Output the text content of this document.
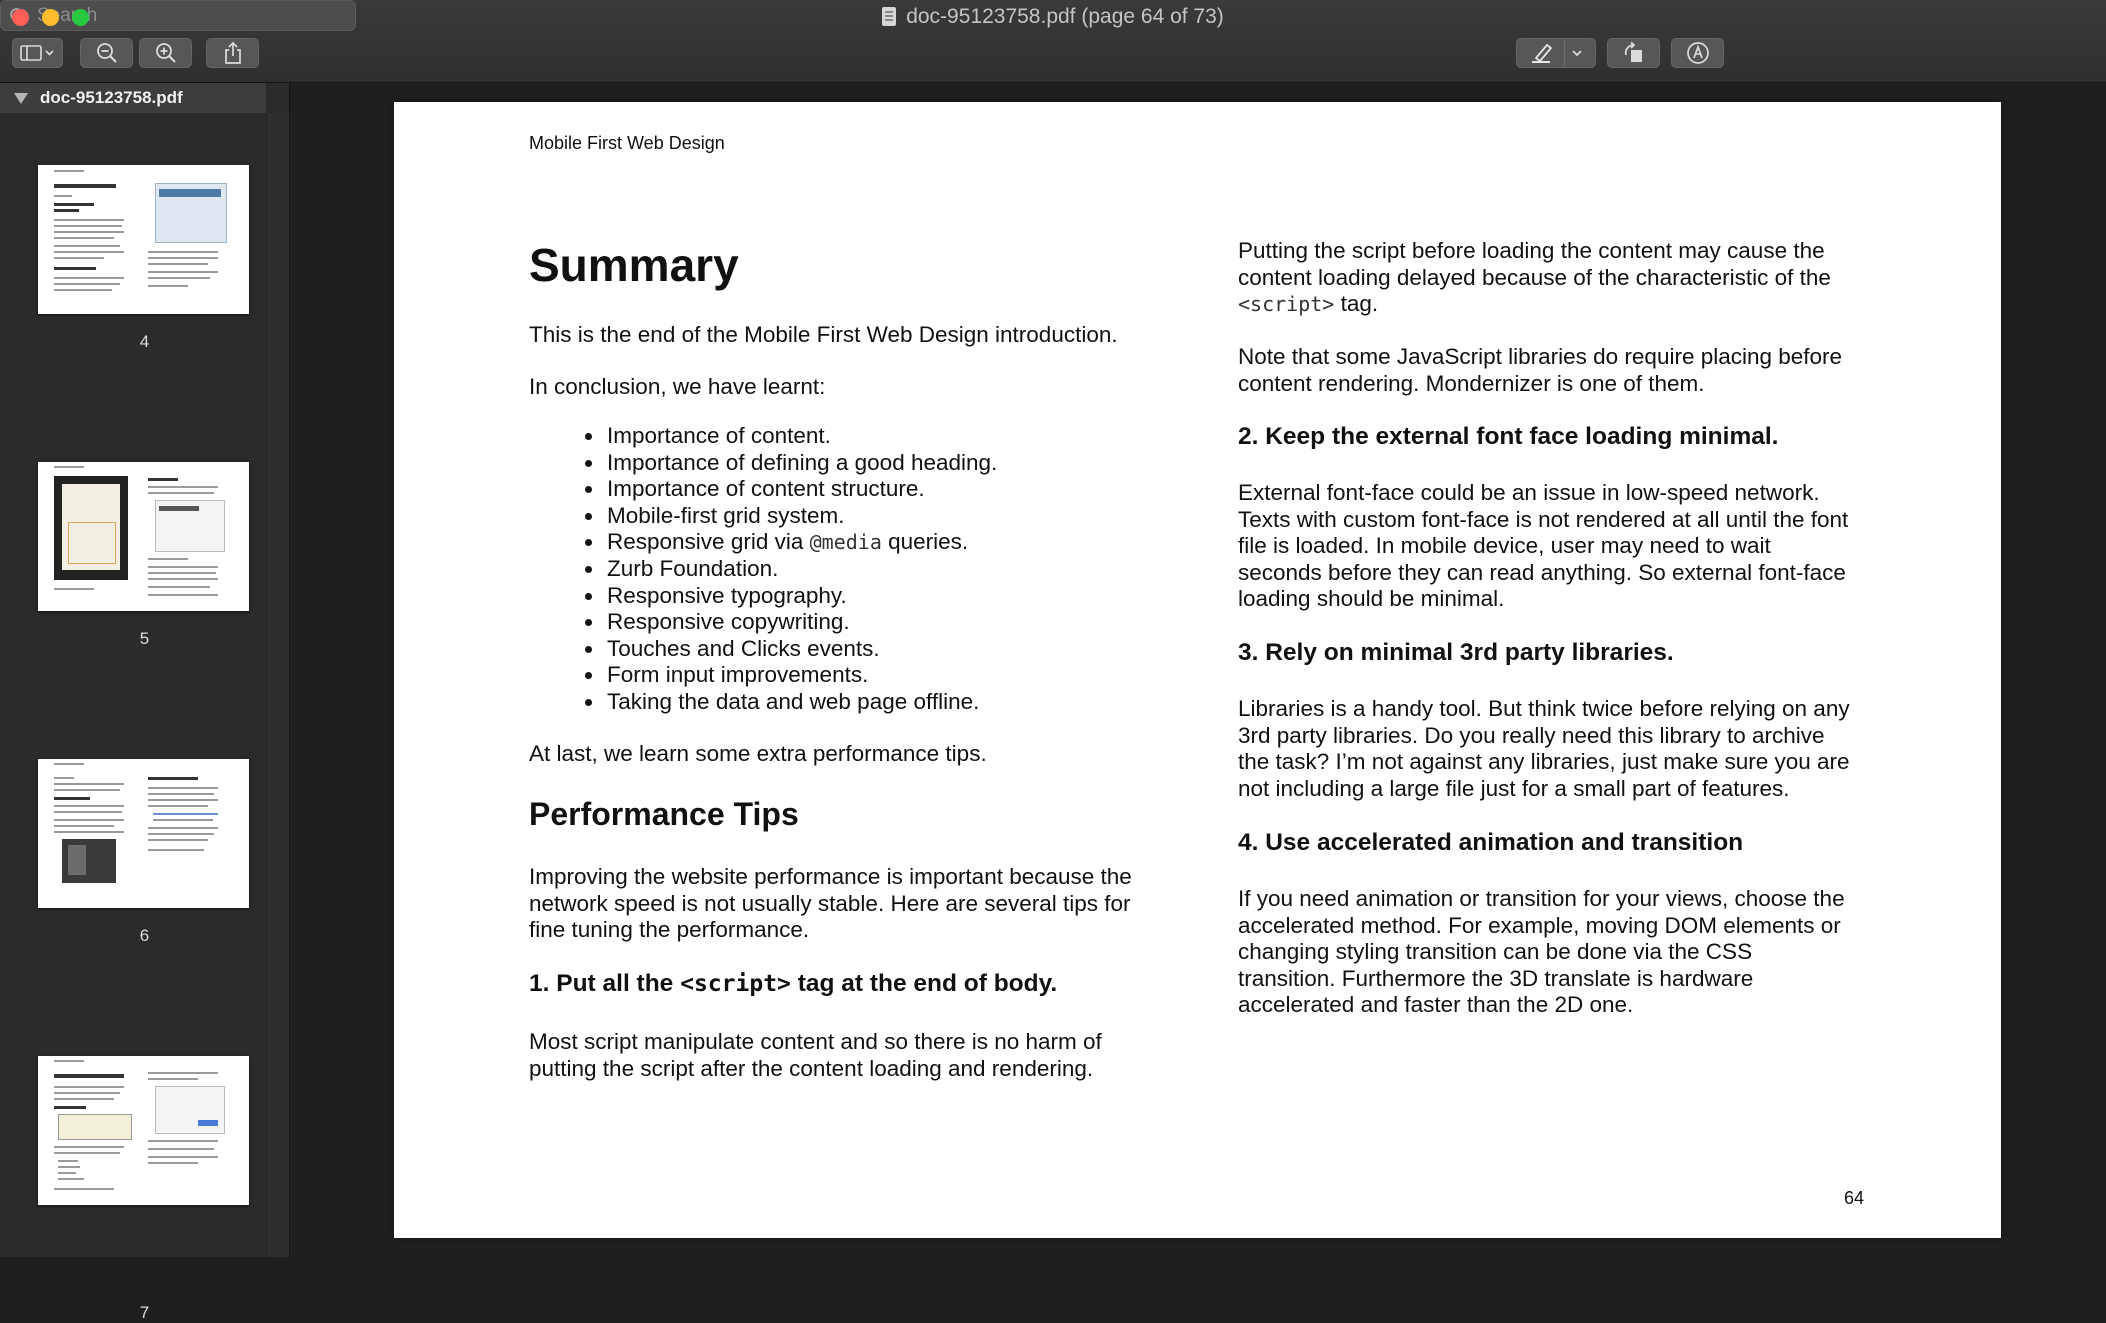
doc-95123758.pdf (page 64 of 73)
Search
doc-95123758.pdf
4
5
6
7
Mobile First Web Design
Summary
This is the end of the Mobile First Web Design introduction.
In conclusion, we have learnt:
• Importance of content.
• Importance of defining a good heading.
• Importance of content structure.
• Mobile-first grid system.
• Responsive grid via @media queries.
• Zurb Foundation.
• Responsive typography.
• Responsive copywriting.
• Touches and Clicks events.
• Form input improvements.
• Taking the data and web page offline.
At last, we learn some extra performance tips.
Performance Tips
Improving the website performance is important because the
network speed is not usually stable. Here are several tips for
fine tuning the performance.
1. Put all the <script> tag at the end of body.
Most script manipulate content and so there is no harm of
putting the script after the content loading and rendering.
Putting the script before loading the content may cause the
content loading delayed because of the characteristic of the
<script> tag.
Note that some JavaScript libraries do require placing before
content rendering. Mondernizer is one of them.
2. Keep the external font face loading minimal.
External font-face could be an issue in low-speed network.
Texts with custom font-face is not rendered at all until the font
file is loaded. In mobile device, user may need to wait
seconds before they can read anything. So external font-face
loading should be minimal.
3. Rely on minimal 3rd party libraries.
Libraries is a handy tool. But think twice before relying on any
3rd party libraries. Do you really need this library to archive
the task? I’m not against any libraries, just make sure you are
not including a large file just for a small part of features.
4. Use accelerated animation and transition
If you need animation or transition for your views, choose the
accelerated method. For example, moving DOM elements or
changing styling transition can be done via the CSS
transition. Furthermore the 3D translate is hardware
accelerated and faster than the 2D one.
64
